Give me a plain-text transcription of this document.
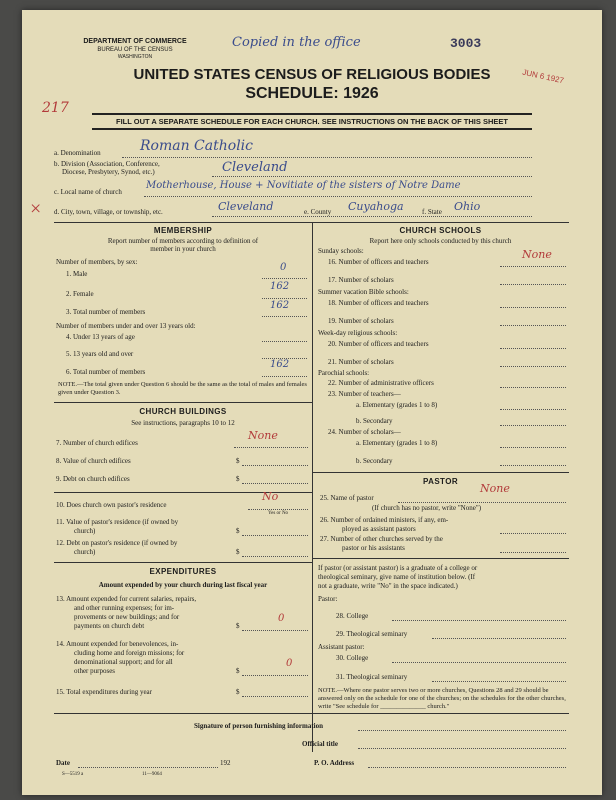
DEPARTMENT OF COMMERCE
BUREAU OF THE CENSUS
WASHINGTON
Copied in the office	3003
JUN 6 1927
UNITED STATES CENSUS OF RELIGIOUS BODIES
SCHEDULE: 1926
217
FILL OUT A SEPARATE SCHEDULE FOR EACH CHURCH. SEE INSTRUCTIONS ON THE BACK OF THIS SHEET
a. Denomination	Roman Catholic
b. Division (Association, Conference,
Diocese, Presbytery, Synod, etc.)	Cleveland
c. Local name of church
Motherhouse, House + Novitiate of the sisters of Notre Dame
× d. City, town, village, or township, etc.	Cleveland	e. County Cuyahoga	f. State Ohio
MEMBERSHIP
Report number of members according to definition of
member in your church
Number of members, by sex:
1. Male
0
2. Female
162
3. Total number of members
162
Number of members under and over 13 years old:
4. Under 13 years of age
5. 13 years old and over
6. Total number of members
162
NOTE.—The total given under Question 6 should be the same as the total of males and females given under Question 3.
CHURCH BUILDINGS
See instructions, paragraphs 10 to 12
7. Number of church edifices
None
8. Value of church edifices	$
9. Debt on church edifices	$
10. Does church own pastor's residence
No
Yes or No
11. Value of pastor's residence (if owned by
church)	$
12. Debt on pastor's residence (if owned by
church)	$
EXPENDITURES
Amount expended by your church during last fiscal year
13. Amount expended for current salaries, repairs,
and other running expenses; for im-
provements or new buildings; and for
payments on church debt	$
0
14. Amount expended for benevolences, in-
cluding home and foreign missions; for
denominational support; and for all
other purposes	$
0
15. Total expenditures during year	$
CHURCH SCHOOLS
Report here only schools conducted by this church
Sunday schools:
16. Number of officers and teachers
None
17. Number of scholars
Summer vacation Bible schools:
18. Number of officers and teachers
19. Number of scholars
Week-day religious schools:
20. Number of officers and teachers
21. Number of scholars
Parochial schools:
22. Number of administrative officers
23. Number of teachers—
a. Elementary (grades 1 to 8)
b. Secondary
24. Number of scholars—
a. Elementary (grades 1 to 8)
b. Secondary
PASTOR
25. Name of pastor
None
(If church has no pastor, write "None")
26. Number of ordained ministers, if any, em-
ployed as assistant pastors
27. Number of other churches served by the
pastor or his assistants
If pastor (or assistant pastor) is a graduate of a college or
theological seminary, give name of institution below. (If
not a graduate, write "No" in the space indicated.)
Pastor:
28. College
29. Theological seminary
Assistant pastor:
30. College
31. Theological seminary
NOTE.—Where one pastor serves two or more churches, Questions 28 and 29 should be answered only on the schedule for one of the churches; on the schedules for the other churches, write "See schedule for ______________ church."
Signature of person furnishing information
Official title
Date	192	P. O. Address
S—5519 a	11—9064
